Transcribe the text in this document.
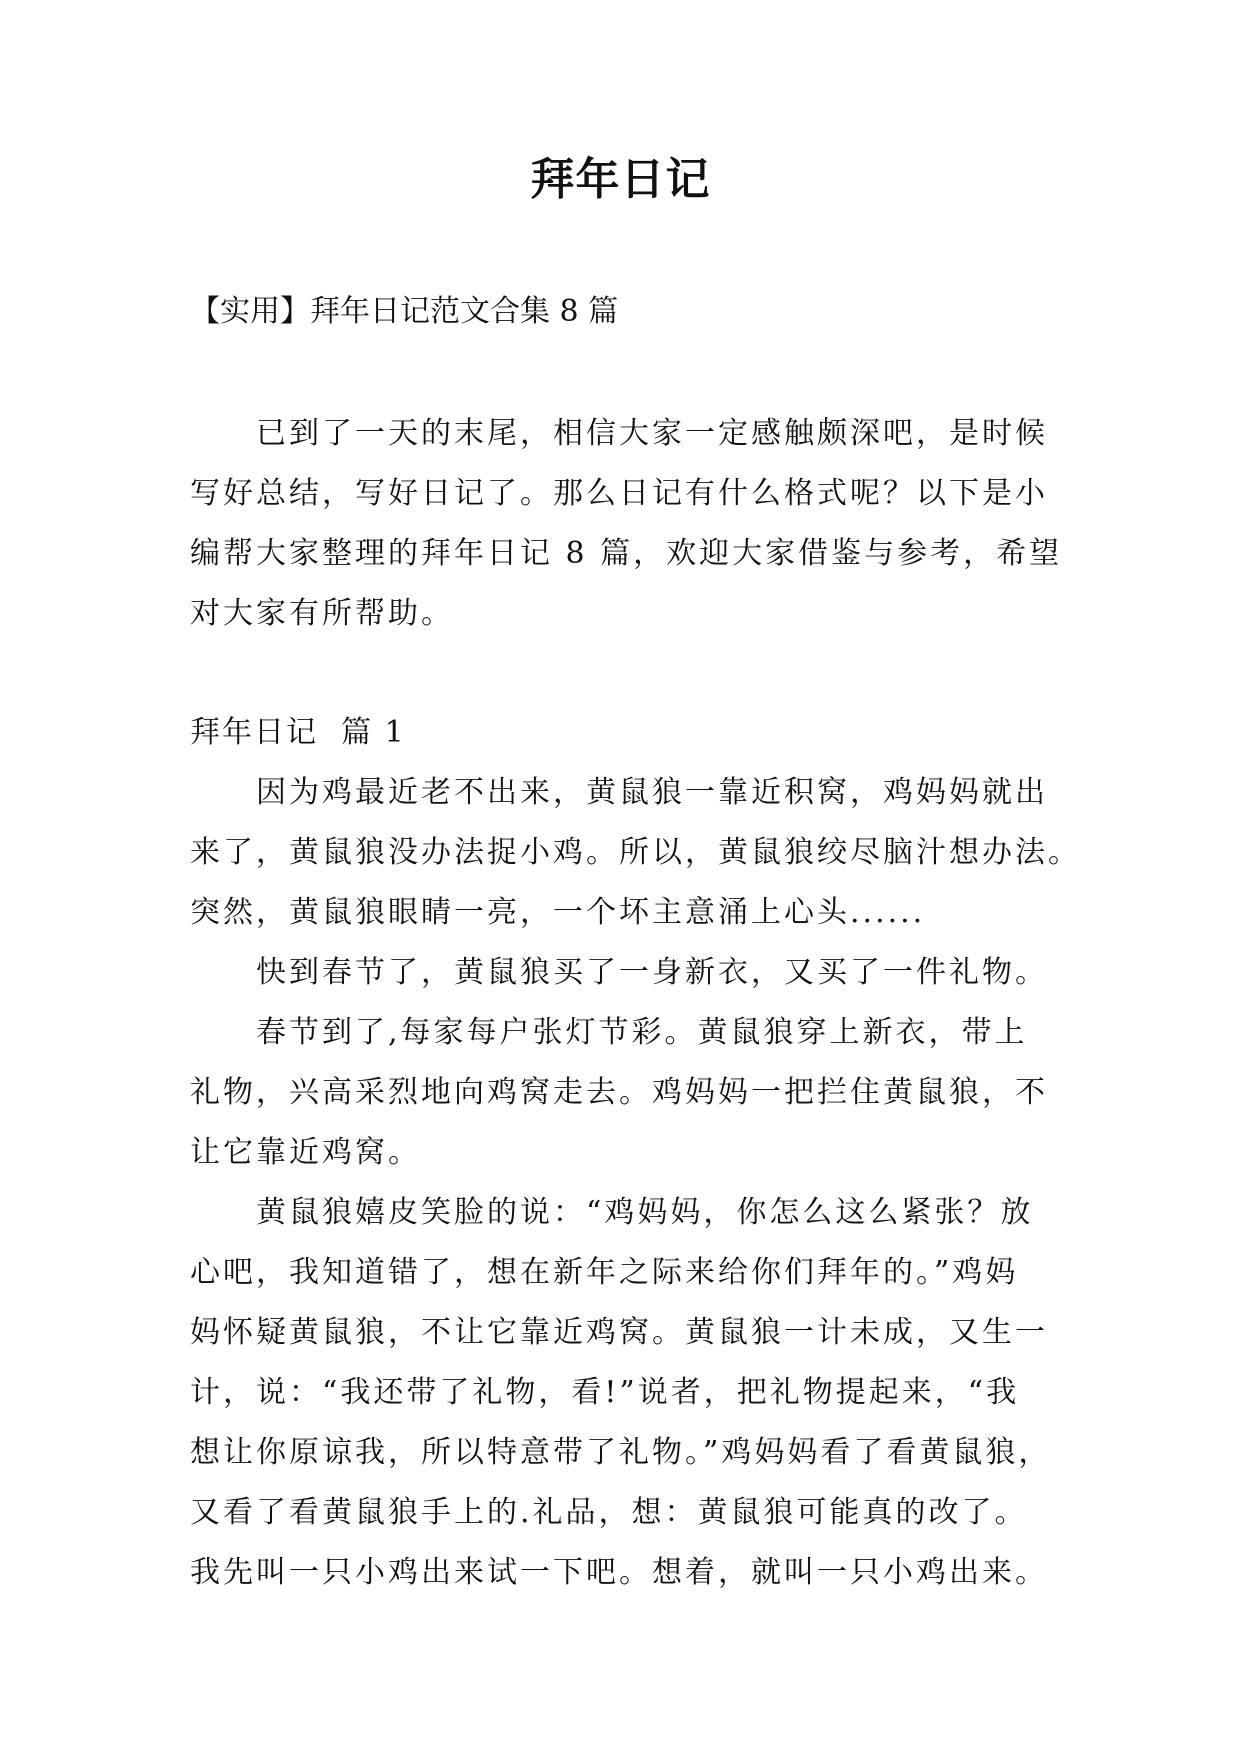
拜年日记
【实用】拜年日记范文合集 8 篇
已到了一天的末尾，相信大家一定感触颇深吧，是时候
写好总结，写好日记了。那么日记有什么格式呢？以下是小
编帮大家整理的拜年日记 8 篇，欢迎大家借鉴与参考，希望
对大家有所帮助。
拜年日记  篇 1
因为鸡最近老不出来，黄鼠狼一靠近积窝，鸡妈妈就出
来了，黄鼠狼没办法捉小鸡。所以，黄鼠狼绞尽脑汁想办法。
突然，黄鼠狼眼睛一亮，一个坏主意涌上心头......
快到春节了，黄鼠狼买了一身新衣，又买了一件礼物。
春节到了,每家每户张灯节彩。黄鼠狼穿上新衣，带上
礼物，兴高采烈地向鸡窝走去。鸡妈妈一把拦住黄鼠狼，不
让它靠近鸡窝。
黄鼠狼嬉皮笑脸的说：“鸡妈妈，你怎么这么紧张？放
心吧，我知道错了，想在新年之际来给你们拜年的。”鸡妈
妈怀疑黄鼠狼，不让它靠近鸡窝。黄鼠狼一计未成，又生一
计，说：“我还带了礼物，看!”说者，把礼物提起来，“我
想让你原谅我，所以特意带了礼物。”鸡妈妈看了看黄鼠狼，
又看了看黄鼠狼手上的.礼品，想：黄鼠狼可能真的改了。
我先叫一只小鸡出来试一下吧。想着，就叫一只小鸡出来。
